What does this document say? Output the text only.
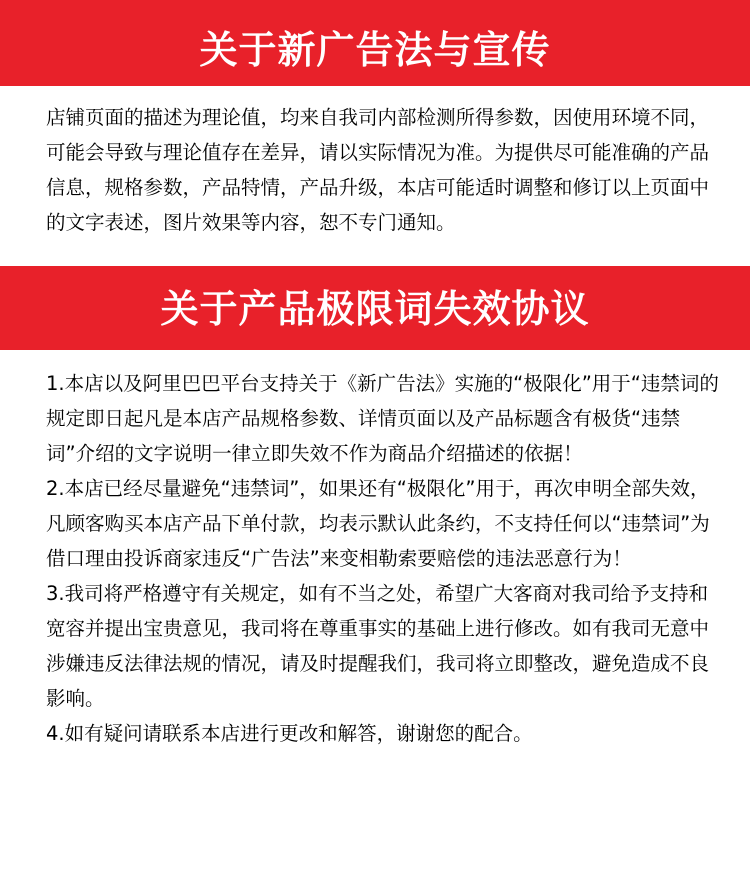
关于新广告法与宣传

店铺页面的描述为理论值，均来自我司内部检测所得参数，因使用环境不同，可能会导致与理论值存在差异，请以实际情况为准。为提供尽可能准确的产品信息，规格参数，产品特情，产品升级，本店可能适时调整和修订以上页面中的文字表述，图片效果等内容，恕不专门通知。

关于产品极限词失效协议

1.本店以及阿里巴巴平台支持关于《新广告法》实施的“极限化”用于“违禁词的规定即日起凡是本店产品规格参数、详情页面以及产品标题含有极货“违禁词”介绍的文字说明一律立即失效不作为商品介绍描述的依据！

2.本店已经尽量避免“违禁词”，如果还有“极限化”用于，再次申明全部失效，凡顾客购买本店产品下单付款，均表示默认此条约，不支持任何以“违禁词”为借口理由投诉商家违反“广告法”来变相勒索要赔偿的违法恶意行为！

3.我司将严格遵守有关规定，如有不当之处，希望广大客商对我司给予支持和宽容并提出宝贵意见，我司将在尊重事实的基础上进行修改。如有我司无意中涉嫌违反法律法规的情况，请及时提醒我们，我司将立即整改，避免造成不良影响。

4.如有疑问请联系本店进行更改和解答，谢谢您的配合。
